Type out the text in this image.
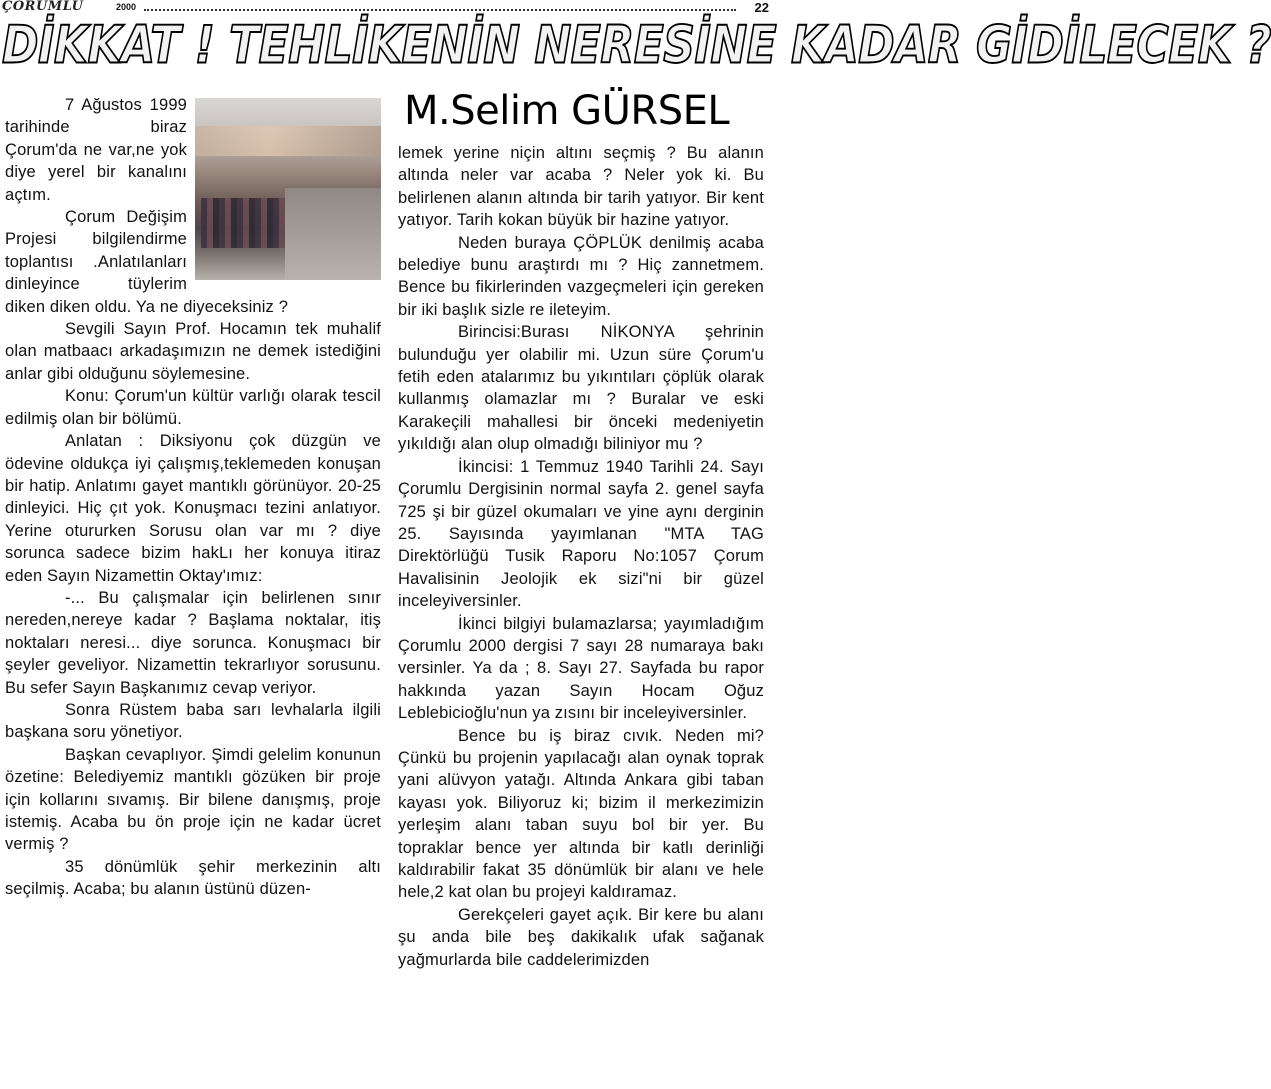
ÇORUMLU	2000	22
DİKKAT ! TEHLİKENİN NERESİNE KADAR GİDİLECEK ?
M.Selim GÜRSEL

7 Ağustos 1999 tarihinde biraz Çorum'da ne var,ne yok diye yerel bir kanalını açtım.

Çorum Değişim Projesi bilgilendirme toplantısı .Anlatılanları dinleyince tüylerim diken diken oldu. Ya ne diyeceksiniz ?

Sevgili Sayın Prof. Hocamın tek muhalif olan matbaacı arkadaşımızın ne demek istediğini anlar gibi olduğunu söylemesine.

Konu: Çorum'un kültür varlığı olarak tescil edilmiş olan bir bölümü.

Anlatan : Diksiyonu çok düzgün ve ödevine oldukça iyi çalışmış,teklemeden konuşan bir hatip. Anlatımı gayet mantıklı görünüyor. 20-25 dinleyici. Hiç çıt yok. Konuşmacı tezini anlatıyor. Yerine otururken Sorusu olan var mı ? diye sorunca sadece bizim hakLı her konuya itiraz eden Sayın Nizamettin Oktay'ımız:

-... Bu çalışmalar için belirlenen sınır nereden,nereye kadar ? Başlama noktalar, itiş noktaları neresi... diye sorunca. Konuşmacı bir şeyler geveliyor. Nizamettin tekrarlıyor sorusunu. Bu sefer Sayın Başkanımız cevap veriyor.

Sonra Rüstem baba sarı levhalarla ilgili başkana soru yönetiyor.

Başkan cevaplıyor. Şimdi gelelim konunun özetine: Belediyemiz mantıklı gözüken bir proje için kollarını sıvamış. Bir bilene danışmış, proje istemiş. Acaba bu ön proje için ne kadar ücret vermiş ?

35 dönümlük şehir merkezinin altı seçilmiş. Acaba; bu alanın üstünü düzen-

lemek yerine niçin altını seçmiş ? Bu alanın altında neler var acaba ? Neler yok ki. Bu belirlenen alanın altında bir tarih yatıyor. Bir kent yatıyor. Tarih kokan büyük bir hazine yatıyor.

Neden buraya ÇÖPLÜK denilmiş acaba belediye bunu araştırdı mı ? Hiç zannetmem. Bence bu fikirlerinden vazgeçmeleri için gereken bir iki başlık sizle re ileteyim.

Birincisi:Burası NİKONYA şehrinin bulunduğu yer olabilir mi. Uzun süre Çorum'u fetih eden atalarımız bu yıkıntıları çöplük olarak kullanmış olamazlar mı ? Buralar ve eski Karakeçili mahallesi bir önceki medeniyetin yıkıldığı alan olup olmadığı biliniyor mu ?

İkincisi: 1 Temmuz 1940 Tarihli 24. Sayı Çorumlu Dergisinin normal sayfa 2. genel sayfa 725 şi bir güzel okumaları ve yine aynı derginin 25. Sayısında yayımlanan "MTA TAG Direktörlüğü Tusik Raporu No:1057 Çorum Havalisinin Jeolojik ek sizi"ni bir güzel inceleyiversinler.

İkinci bilgiyi bulamazlarsa; yayımladığım Çorumlu 2000 dergisi 7 sayı 28 numaraya bakı versinler. Ya da ; 8. Sayı 27. Sayfada bu rapor hakkında yazan Sayın Hocam Oğuz Leblebicioğlu'nun ya zısını bir inceleyiversinler.

Bence bu iş biraz cıvık. Neden mi? Çünkü bu projenin yapılacağı alan oynak toprak yani alüvyon yatağı. Altında Ankara gibi taban kayası yok. Biliyoruz ki; bizim il merkezimizin yerleşim alanı taban suyu bol bir yer. Bu topraklar bence yer altında bir katlı derinliği kaldırabilir fakat 35 dönümlük bir alanı ve hele hele,2 kat olan bu projeyi kaldıramaz.

Gerekçeleri gayet açık. Bir kere bu alanı şu anda bile beş dakikalık ufak sağanak yağmurlarda bile caddelerimizden
